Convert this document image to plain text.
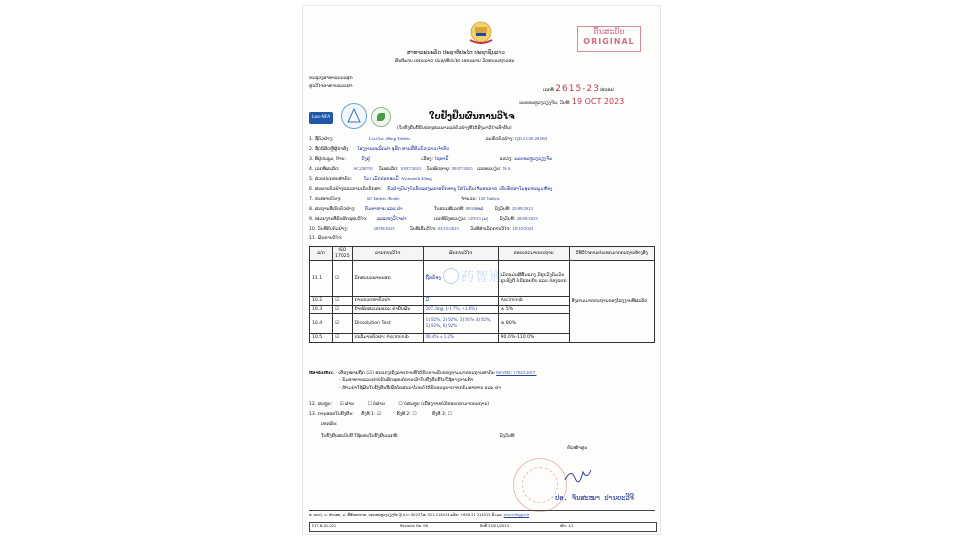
ຕົ້ນສະບັບ
ORIGINAL
ສາທາລະນະລັດ ປະຊາທິປະໄຕ ປະຊາຊົນລາວ
ສັນຕິພາບ ເອກະລາດ ປະຊາທິປະໄຕ ເອກະພາບ ວັດທະນະຖາວອນ
ກະຊວງສາທາລະນະສຸກ
ສູນວິໄຈອາຫານແລະຢາ
ເລກທີ 2615-23/ສວອຢ
ນະຄອນຫຼວງວຽງຈັນ, ວັນທີ: 19 OCT 2023
Lao-NFA	ໃບຢັ້ງຢືນຜົນການວິໄຈ
(ໃບຢັ້ງຢືນນີ້ຮັບຮອງສະເພາະແຕ່ຕົວຢ່າງທີ່ໄດ້ສົ່ງມາວິໄຈເທົ່ານັ້ນ)
1. ຊື່ຕົວຢ່າງ:	LuciAsc 40mg Tablets	ລະຫັດຕົວຢ່າງ: QD.23.09.28.084
2. ຊື່ບໍລິສັດຫຼືຜູ້ນຳສົ່ງ: ໂຮງງານຜະລິດຢາ ອຸສິດ ສານສີສົມບັດ(ລາວ)ຈຳກັດ
3. ທີ່ຢູ່ປະຊຸມ, ບ້ານ:	ດົງຢູ່	ເມືອງ: ໄຊທານີ	ແຂວງ: ນະຄອນຫຼວງວຽງຈັນ
4. ເລກທີຜະລິດ:	AC230701 ວັນຜະລິດ: 10/07/2023 ວັນໝົດອາຍຸ: 09/07/2025 ເລກທະບຽນ: N/A
5. ສ່ວນປະກອບສຳຄັນ: ໃນ1 ເມັດປະກອບມີ: Asciminib 40mg
6. ສະພາບຕົວຢ່າງແລະການເກັບຮັກສາ: ຕົວຢ່າງບັນຈຸໃນກັບແຜງພລາສຕິກອານູ ໃສ່ໃນກັບເຈ້ຍສະລາກ, ເກັບຮັກສາໃນອຸນຫະພູມຫ້ອງ.
7. ຂະໜາດບັນຈຸ:	60 Tablets /Bottle	ຈຳນວນ: 120 Tablets
8. ສະຖານທີ່ເກັບຕົວຢ່າງ: ກົມອາຫານ ແລະ ຢາ	ໃບສະເໜີເລກທີ: 883/ກອຢ ລົງວັນທີ: 25/09/2023
9. ໜ່ວຍງານທີ່ຮັບຜິດຊອບວິໄຈ: ຂະແໜງວິໄຈຢາ	ເລກທີລົງທະບຽນ: 129/23 (ມ) ລົງວັນທີ: 28/09/2023
10. ວັນທີ່ຮັບຕົວຢ່າງ:	28/09/2023	ວັນທີເລີ່ມວິໄຈ: 03/10/2023 ວັນທີສຳເລັດການວິໄຈ: 18/10/2023
11. ຜົນການວິໄຈ:
药智通
ລ/ດ	ISO 17025	ລາຍການວິໄຈ	ຜົນການວິໄຈ	ຂອບເຂດມາດຕະຖານ	ວິທີວິໄຈຕາມປະເທດມາດຕະຖານອ້າງອີງ
11.1	☑	ລັກສະນະພາຍນອກ	ຖືກຕ້ອງ	ເມັດແມ່ນສີສົ້ມແດງ ມີຮູບວົງກົມມົນ ຮູບຊົງດີ ບໍ່ມີຮອຍບີບ ແລະ ປ່ອງແຕກ	ອີງຕາມມາດຕະຖານຂອງໂຮງງານທີ່ຜະລິດ
10.2	☑	ການກວດຫາຕົວຢາ	ມີ	Asciminib	
10.3	☑	ນ້ຳໜັກສະເລ່ຍແລະ ຄ່າບີ່ນຜັນ	207.3mg. (-1.7%, +1.6%)	± 5%	
10.4	☑	Dissolution Test	1) 92%, 2) 92%, 3) 91% 4) 92%, 5) 92%, 6) 92%	≥ 80%	
10.5	☑	ປະລິມານຕົວຢາ: Asciminib	98.4% ± 1.2%	90.0%-110.0%	
ໝາຍເຫດ: - ເຄື່ອງໝາຍຖືກ (☑) ສະແດງເຖິງລາຍການທີ່ໄດ້ຮັບການຮັບຮອງຕາມມາດຕະຖານສາກົນ ISO/IEC 17025:2017.
- ກົມອາຫານແລະຢາບໍ່ຮັບຜິດຊອບຕໍ່ການເອົາໃບຢັ້ງຢືນນີ້ໄປໃຊ້ທາງການຄ້າ
- ຫ້າມນຳໃຊ້ຜົນໃບຢັ້ງຢືນນີ້ເພື່ອໂຄສະນາໂດຍບໍ່ໄດ້ຮັບອະນຸຍາດຈາກກົມອາຫານ ແລະ ຢາ
12. ສະຫຼຸບ: ☑ ຜ່ານ	☐ ບໍ່ຜ່ານ	☐ ບໍ່ສະຫຼຸບ (ເນື່ອງຈາກບໍ່ມີຂອບເຂດມາດຕະຖານ)
13. ການອອກໃບຢັ້ງຢືນ: ຄັ້ງທີ 1: ☑	ຄັ້ງທີ 2: ☐	ຄັ້ງທີ 3: ☐
ເຫດຜົນ:
ໃບຢັ້ງຢືນສະບັບນີ້ ໃຊ້ແທນໃບຢັ້ງຢືນເລກທີ:	ລົງວັນທີ:
ຫົວໜ້າສູນ
ປອ. ຈັນສະໝາ ປານຍະວີຈີ
ທ. ເຂດ1, ບ. ທ່າດອກ, ມ. ສີສັດຕະນາກ, ນະຄອນຫຼວງວຽງຈັນ ຕູ້ ປ.ນ: 5023 ໂທ: 021-214013 ແຟັກ: +856 21 214015 ອີ ເມວ: www.wfdq.gov.la
F17.N.01.021	Revision No. 08	ວັນທີ 23/01/2023	ໜ້າ: 1/1
